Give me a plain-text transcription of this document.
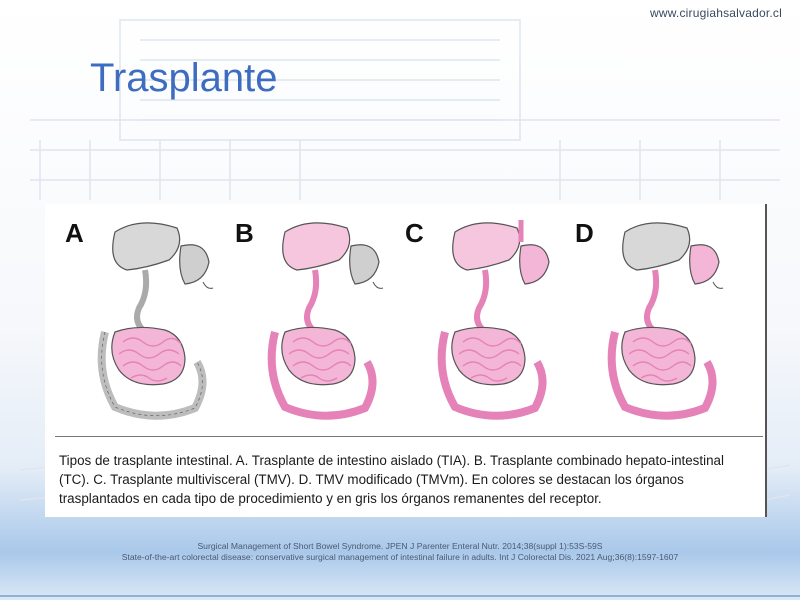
www.cirugiahsalvador.cl
Trasplante
A	B	C	D
Tipos de trasplante intestinal. A. Trasplante de intestino aislado (TIA). B. Trasplante combinado hepato-intestinal
(TC). C. Trasplante multivisceral (TMV). D. TMV modificado (TMVm). En colores se destacan los órganos
trasplantados en cada tipo de procedimiento y en gris los órganos remanentes del receptor.
Surgical Management of Short Bowel Syndrome. JPEN J Parenter Enteral Nutr. 2014;38(suppl 1):53S-59S
State-of-the-art colorectal disease: conservative surgical management of intestinal failure in adults. Int J Colorectal Dis. 2021 Aug;36(8):1597-1607
